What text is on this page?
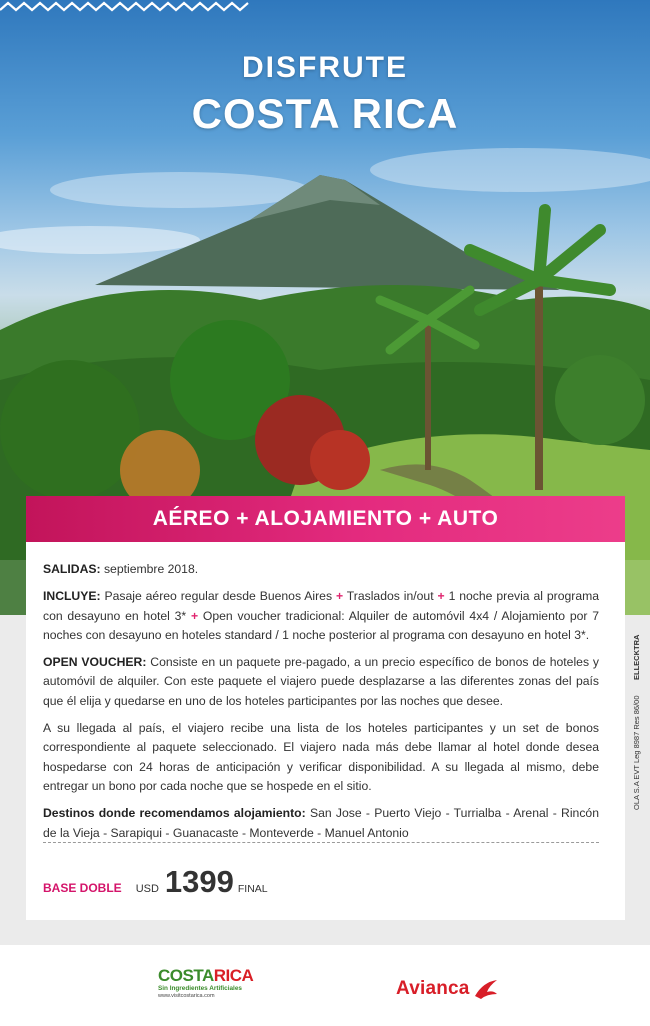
DISFRUTE
COSTA RICA
AÉREO + ALOJAMIENTO + AUTO

SALIDAS: septiembre 2018.

INCLUYE: Pasaje aéreo regular desde Buenos Aires + Traslados in/out + 1 noche previa al programa con desayuno en hotel 3* + Open voucher tradicional: Alquiler de automóvil 4x4 / Alojamiento por 7 noches con desayuno en hoteles standard / 1 noche posterior al programa con desayuno en hotel 3*.

OPEN VOUCHER: Consiste en un paquete pre-pagado, a un precio específico de bonos de hoteles y automóvil de alquiler. Con este paquete el viajero puede desplazarse a las diferentes zonas del país que él elija y quedarse en uno de los hoteles participantes por las noches que desee.

A su llegada al país, el viajero recibe una lista de los hoteles participantes y un set de bonos correspondiente al paquete seleccionado. El viajero nada más debe llamar al hotel donde desea hospedarse con 24 horas de anticipación y verificar disponibilidad. A su llegada al mismo, debe entregar un bono por cada noche que se hospede en el sitio.

Destinos donde recomendamos alojamiento: San Jose - Puerto Viejo - Turrialba - Arenal - Rincón de la Vieja - Sarapiqui - Guanacaste - Monteverde - Manuel Antonio

BASE DOBLE USD 1399 FINAL
OLA S.A EVT Leg 8987 Res 86/00
ELLECKTRA
COSTARICA
Sin Ingredientes Artificiales
www.visitcostarica.com	Avianca
